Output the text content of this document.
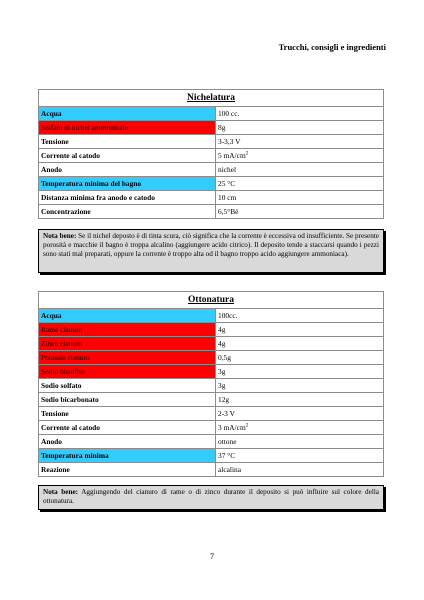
Trucchi, consigli e ingredienti
Nichelatura	
Acqua	100 cc.
Solfato di nichel ammonicale	8g
Tensione	3-3,3 V
Corrente al catodo	5 $mA/cm^2$
Anodo	nichel
Temperatura minima del bagno	25 °C
Distanza minima fra anodo e catodo	10 cm
Concentrazione	6,5°Bè
Nota bene: Se il nichel deposto è di tinta scura, ciò significa che la corrente è eccessiva od insufficiente. Se presente porosità e macchie il bagno è troppa alcalino (aggiungere acido citrico). Il deposito tende a staccarsi quando i pezzi sono stati mal preparati, oppure la corrente è troppo alta od il bagno troppo acido aggiungere ammoniaca).
Ottonatura	
Acqua	100cc.
Rame cianuro	4g
Zinco cianuro	4g
Potassio cianuro	0,5g
Sodio bisolfito	3g
Sodio solfato	3g
Sodio bicarbonato	12g
Tensione	2-3 V
Corrente al catodo	3 $mA/cm^2$
Anodo	ottone
Temperatura minima	37 °C
Reazione	alcalina
Nota bene: Aggiungendo del cianuro di rame o di zinco durante il deposito si può influire sul colore della ottonatura.
7
